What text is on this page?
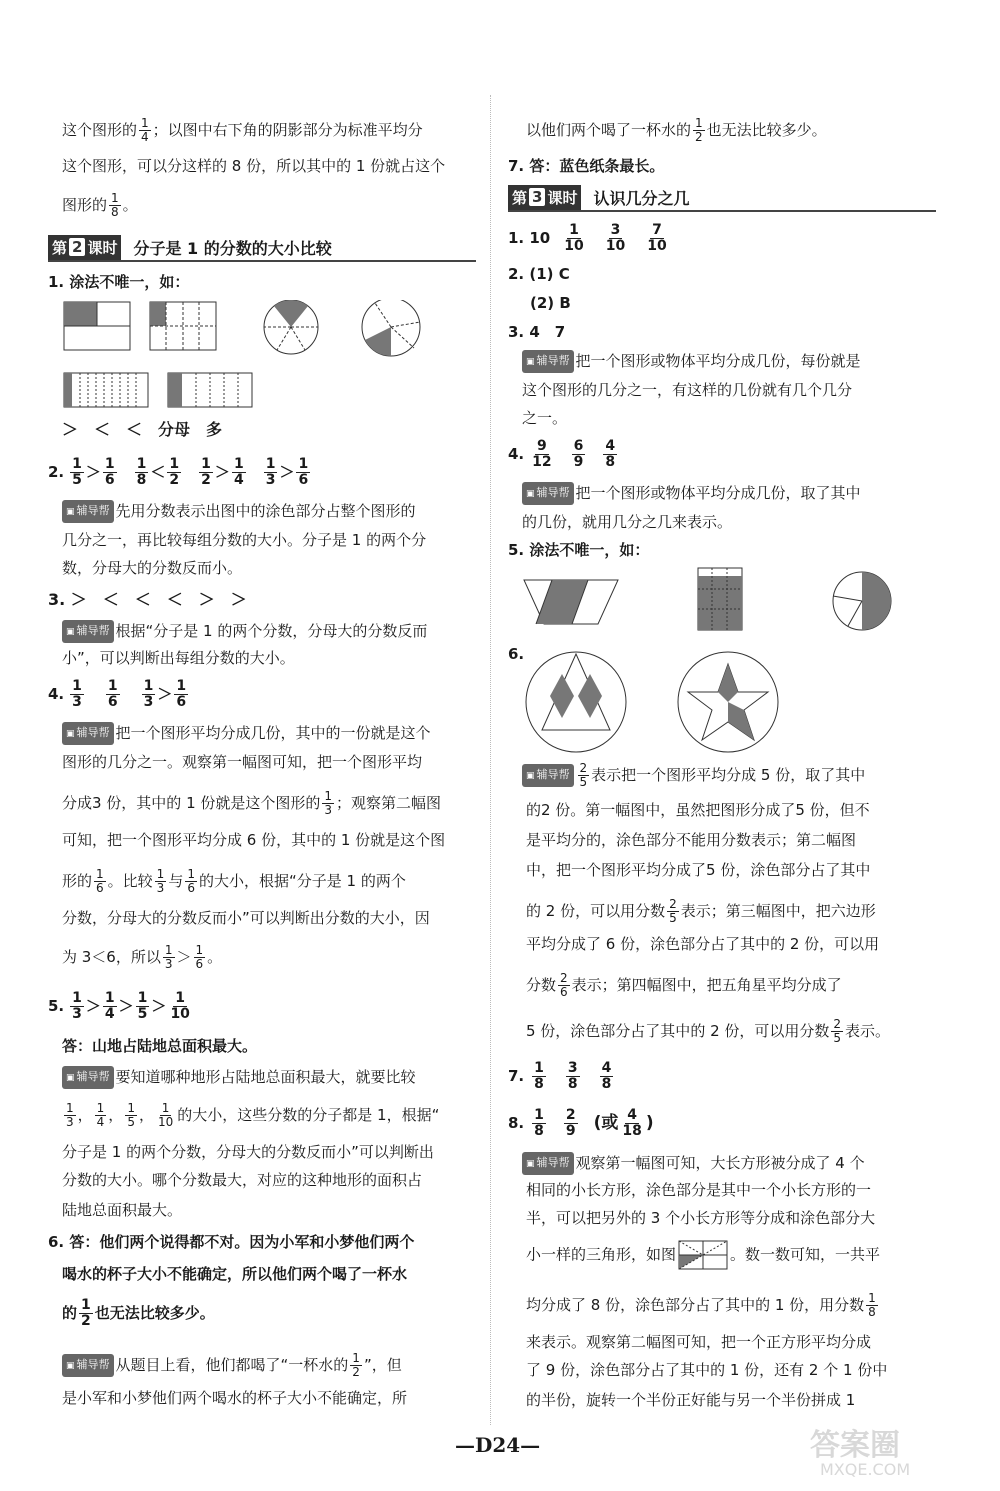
这个图形的 $\frac{1}{4}$ ；以图中右下角的阴影部分为标准平均分
这个图形，可以分这样的 8 份，所以其中的 1 份就占这个
图形的 $\frac{1}{8}$ 。
第 2 课时 分子是 1 的分数的大小比较
1. 涂法不唯一，如：
＞　＜　＜　分母　多
2. $\frac{1}{5} > \frac{1}{6} \frac{1}{8} < \frac{1}{2} \frac{1}{2} > \frac{1}{4} \frac{1}{3} > \frac{1}{6}$
▣ 辅导帮 先用分数表示出图中的涂色部分占整个图形的
几分之一，再比较每组分数的大小。分子是 1 的两个分
数，分母大的分数反而小。
3. ＞　＜　＜　＜　＞　＞
▣ 辅导帮 根据“分子是 1 的两个分数，分母大的分数反而
小”，可以判断出每组分数的大小。
4. $\frac{1}{3} \frac{1}{6} \frac{1}{3} > \frac{1}{6}$
▣ 辅导帮 把一个图形平均分成几份，其中的一份就是这个
图形的几分之一。观察第一幅图可知，把一个图形平均
分成3 份，其中的 1 份就是这个图形的 $\frac{1}{3}$ ；观察第二幅图
可知，把一个图形平均分成 6 份，其中的 1 份就是这个图
形的 $\frac{1}{6}$ 。比较 $\frac{1}{3}$ 与 $\frac{1}{6}$ 的大小，根据“分子是 1 的两个
分数，分母大的分数反而小”可以判断出分数的大小，因
为 3＜6，所以 $\frac{1}{3} > \frac{1}{6}$ 。
5. $\frac{1}{3} > \frac{1}{4} > \frac{1}{5} > \frac{1}{10}$
答：山地占陆地总面积最大。
▣ 辅导帮 要知道哪种地形占陆地总面积最大，就要比较
$\frac{1}{3}$ ， $\frac{1}{4}$ ， $\frac{1}{5}$ ， $\frac{1}{10}$ 的大小，这些分数的分子都是 1，根据“
分子是 1 的两个分数，分母大的分数反而小”可以判断出
分数的大小。哪个分数最大，对应的这种地形的面积占
陆地总面积最大。
6. 答：他们两个说得都不对。因为小军和小梦他们两个
喝水的杯子大小不能确定，所以他们两个喝了一杯水
的 $\frac{1}{2}$ 也无法比较多少。
▣ 辅导帮 从题目上看，他们都喝了“一杯水的 $\frac{1}{2}$ ”，但
是小军和小梦他们两个喝水的杯子大小不能确定，所
以他们两个喝了一杯水的 $\frac{1}{2}$ 也无法比较多少。
7. 答：蓝色纸条最长。
第 3 课时 认识几分之几
1. $10 \frac{1}{10} \frac{3}{10} \frac{7}{10}$
2. (1) C
(2) B
3. 4　7
▣ 辅导帮 把一个图形或物体平均分成几份，每份就是
这个图形的几分之一，有这样的几份就有几个几分
之一。
4. $\frac{9}{12} \frac{6}{9} \frac{4}{8}$
▣ 辅导帮 把一个图形或物体平均分成几份，取了其中
的几份，就用几分之几来表示。
5. 涂法不唯一，如：
6.
▣ 辅导帮 $\frac{2}{5}$ 表示把一个图形平均分成 5 份，取了其中
的2 份。第一幅图中，虽然把图形分成了5 份，但不
是平均分的，涂色部分不能用分数表示；第二幅图
中，把一个图形平均分成了5 份，涂色部分占了其中
的 2 份，可以用分数 $\frac{2}{5}$ 表示；第三幅图中，把六边形
平均分成了 6 份，涂色部分占了其中的 2 份，可以用
分数 $\frac{2}{6}$ 表示；第四幅图中，把五角星平均分成了
5 份，涂色部分占了其中的 2 份，可以用分数 $\frac{2}{5}$ 表示。
7. $\frac{1}{8} \frac{3}{8} \frac{4}{8}$
8. $\frac{1}{8} \frac{2}{9}$ (或 $\frac{4}{18}$ )
▣ 辅导帮 观察第一幅图可知，大长方形被分成了 4 个
相同的小长方形，涂色部分是其中一个小长方形的一
半，可以把另外的 3 个小长方形等分成和涂色部分大
小一样的三角形，如图	。数一数可知，一共平
均分成了 8 份，涂色部分占了其中的 1 份，用分数 $\frac{1}{8}$
来表示。观察第二幅图可知，把一个正方形平均分成
了 9 份，涂色部分占了其中的 1 份，还有 2 个 1 份中
的半份，旋转一个半份正好能与另一个半份拼成 1
—D24—	答案圈
MXQE.COM
